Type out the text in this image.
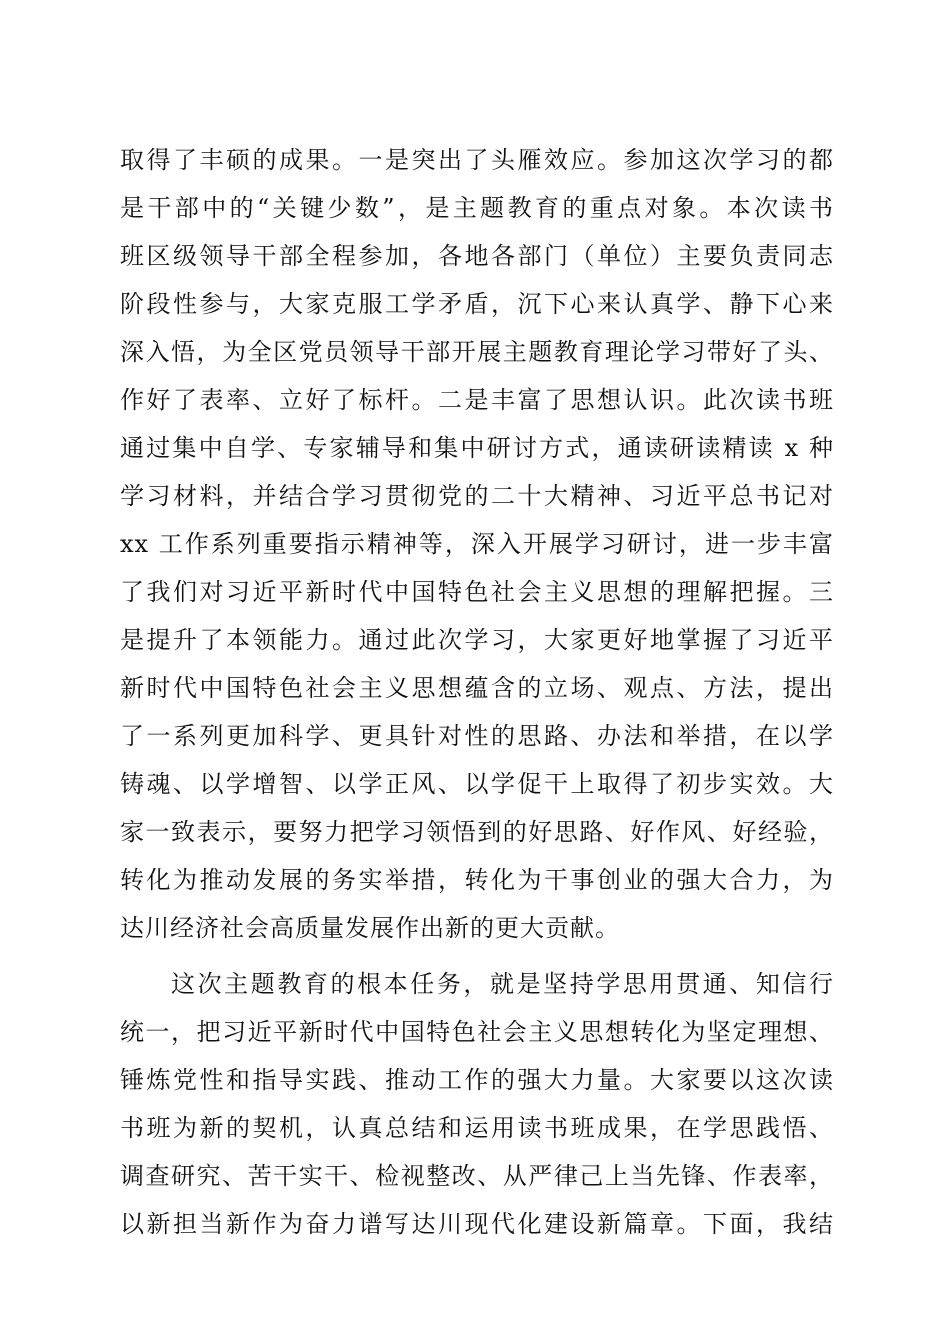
取得了丰硕的成果。一是突出了头雁效应。参加这次学习的都
是干部中的“关键少数”，是主题教育的重点对象。本次读书
班区级领导干部全程参加，各地各部门（单位）主要负责同志
阶段性参与，大家克服工学矛盾，沉下心来认真学、静下心来
深入悟，为全区党员领导干部开展主题教育理论学习带好了头、
作好了表率、立好了标杆。二是丰富了思想认识。此次读书班
通过集中自学、专家辅导和集中研讨方式，通读研读精读 x 种
学习材料，并结合学习贯彻党的二十大精神、习近平总书记对
xx 工作系列重要指示精神等，深入开展学习研讨，进一步丰富
了我们对习近平新时代中国特色社会主义思想的理解把握。三
是提升了本领能力。通过此次学习，大家更好地掌握了习近平
新时代中国特色社会主义思想蕴含的立场、观点、方法，提出
了一系列更加科学、更具针对性的思路、办法和举措，在以学
铸魂、以学增智、以学正风、以学促干上取得了初步实效。大
家一致表示，要努力把学习领悟到的好思路、好作风、好经验，
转化为推动发展的务实举措，转化为干事创业的强大合力，为
达川经济社会高质量发展作出新的更大贡献。
这次主题教育的根本任务，就是坚持学思用贯通、知信行
统一，把习近平新时代中国特色社会主义思想转化为坚定理想、
锤炼党性和指导实践、推动工作的强大力量。大家要以这次读
书班为新的契机，认真总结和运用读书班成果，在学思践悟、
调查研究、苦干实干、检视整改、从严律己上当先锋、作表率，
以新担当新作为奋力谱写达川现代化建设新篇章。下面，我结
